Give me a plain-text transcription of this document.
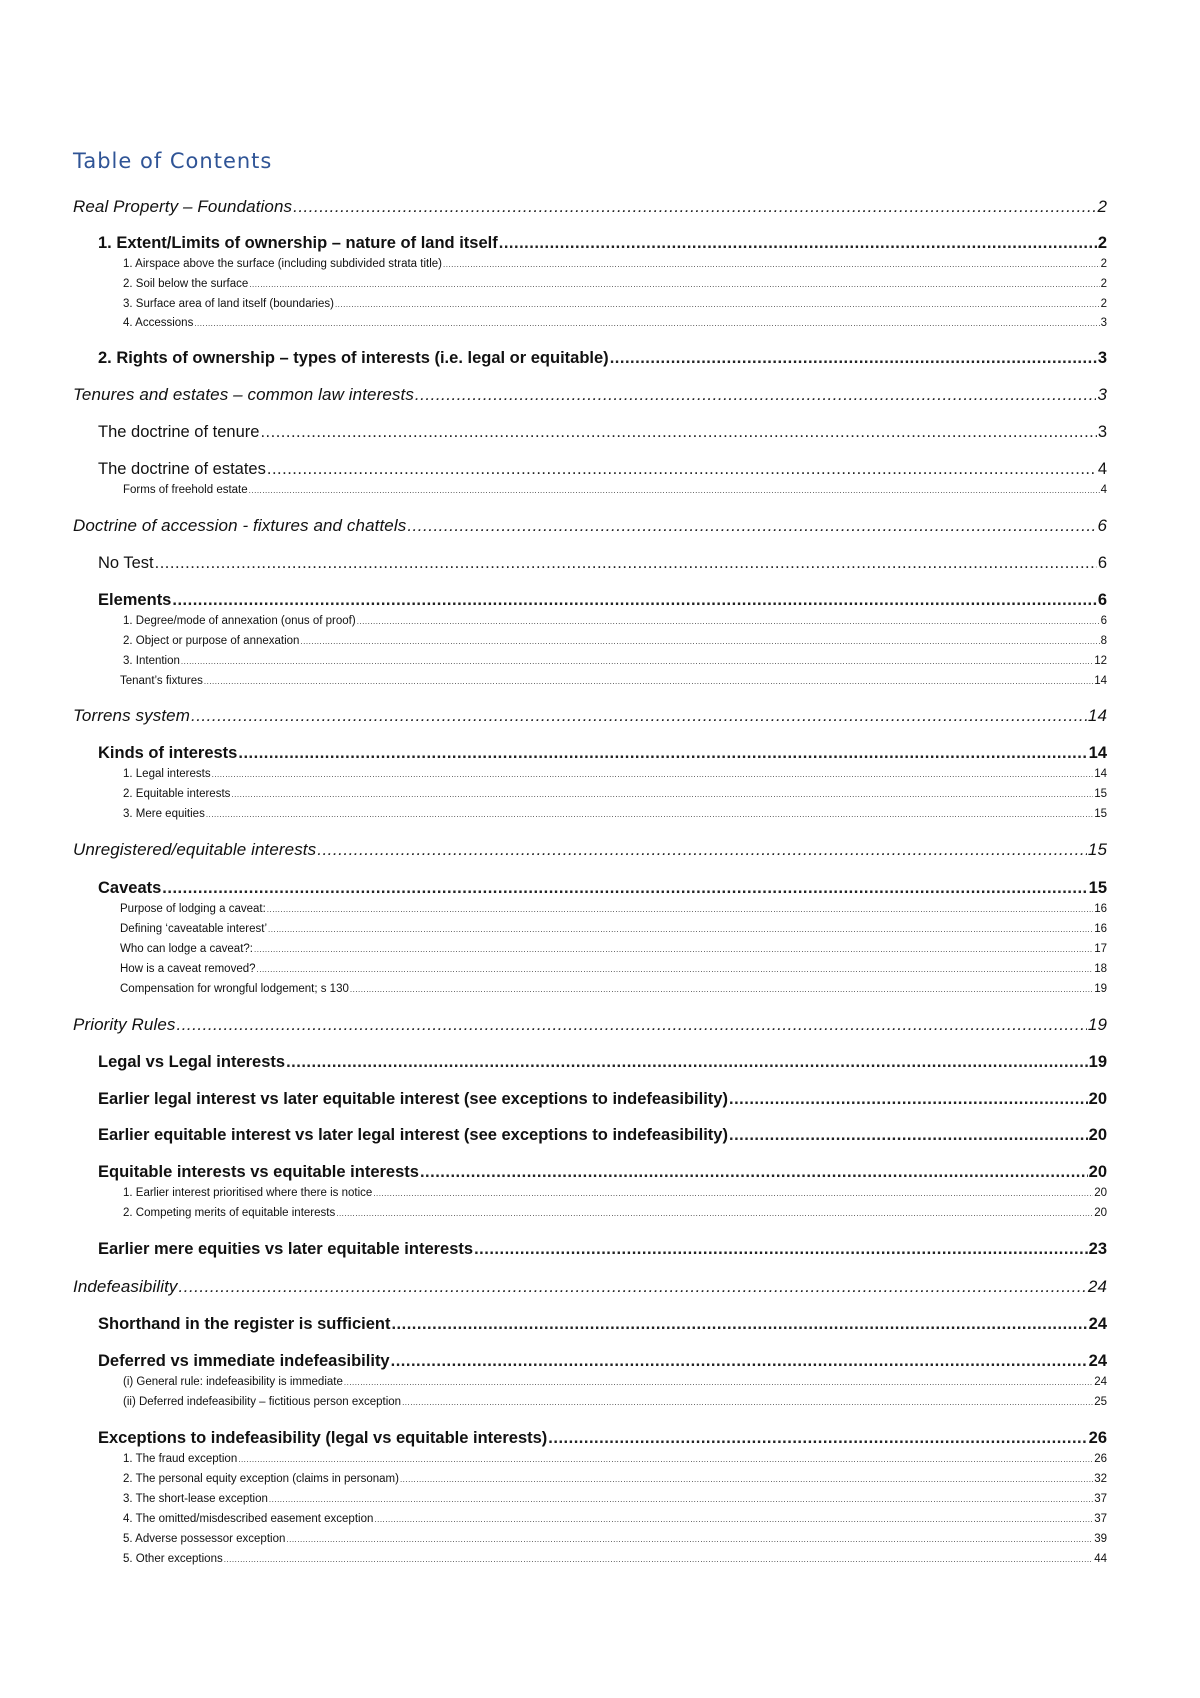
Table of Contents
Real Property – Foundations .....	2
1. Extent/Limits of ownership – nature of land itself .....	2
1. Airspace above the surface (including subdivided strata title) .....	2
2. Soil below the surface .....	2
3. Surface area of land itself (boundaries) .....	2
4. Accessions .....	3
2. Rights of ownership – types of interests (i.e. legal or equitable) .....	3
Tenures and estates – common law interests .....	3
The doctrine of tenure .....	3
The doctrine of estates .....	4
Forms of freehold estate .....	4
Doctrine of accession - fixtures and chattels .....	6
No Test .....	6
Elements .....	6
1. Degree/mode of annexation (onus of proof) .....	6
2. Object or purpose of annexation .....	8
3. Intention .....	12
Tenant’s fixtures .....	14
Torrens system .....	14
Kinds of interests .....	14
1. Legal interests .....	14
2. Equitable interests .....	15
3. Mere equities .....	15
Unregistered/equitable interests .....	15
Caveats .....	15
Purpose of lodging a caveat: .....	16
Defining ‘caveatable interest’ .....	16
Who can lodge a caveat?: .....	17
How is a caveat removed? .....	18
Compensation for wrongful lodgement; s 130 .....	19
Priority Rules .....	19
Legal vs Legal interests .....	19
Earlier legal interest vs later equitable interest (see exceptions to indefeasibility) .....	20
Earlier equitable interest vs later legal interest (see exceptions to indefeasibility) .....	20
Equitable interests vs equitable interests .....	20
1. Earlier interest prioritised where there is notice .....	20
2. Competing merits of equitable interests .....	20
Earlier mere equities vs later equitable interests .....	23
Indefeasibility .....	24
Shorthand in the register is sufficient .....	24
Deferred vs immediate indefeasibility .....	24
(i) General rule: indefeasibility is immediate .....	24
(ii) Deferred indefeasibility – fictitious person exception .....	25
Exceptions to indefeasibility (legal vs equitable interests) .....	26
1. The fraud exception .....	26
2. The personal equity exception (claims in personam) .....	32
3. The short-lease exception .....	37
4. The omitted/misdescribed easement exception .....	37
5. Adverse possessor exception .....	39
5. Other exceptions .....	44
